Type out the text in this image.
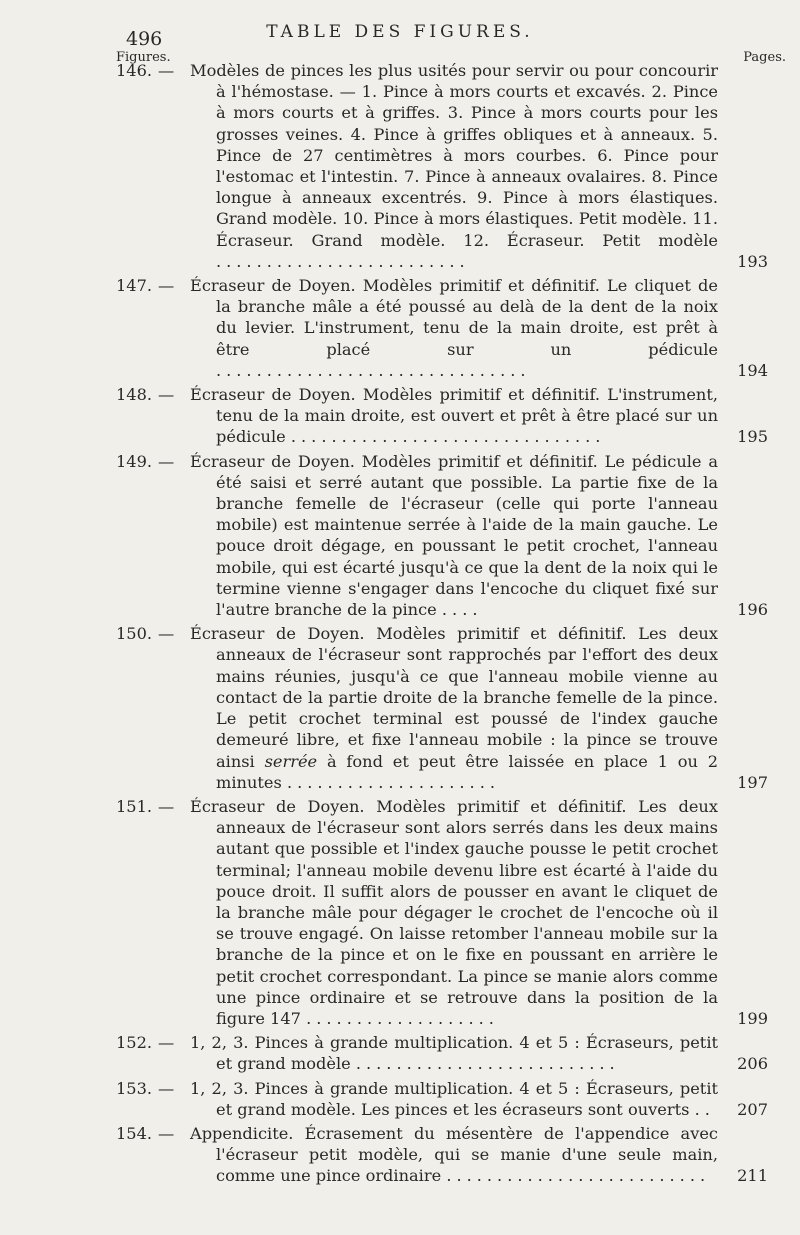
496	TABLE DES FIGURES.
Figures.	Pages.
146. — Modèles de pinces les plus usités pour servir ou pour concourir à l'hémostase. — 1. Pince à mors courts et excavés. 2. Pince à mors courts et à griffes. 3. Pince à mors courts pour les grosses veines. 4. Pince à griffes obliques et à anneaux. 5. Pince de 27 centimètres à mors courbes. 6. Pince pour l'estomac et l'intestin. 7. Pince à anneaux ovalaires. 8. Pince longue à anneaux excentrés. 9. Pince à mors élastiques. Grand modèle. 10. Pince à mors élastiques. Petit modèle. 11. Écraseur. Grand modèle. 12. Écraseur. Petit modèle .........................	193
147. — Écraseur de Doyen. Modèles primitif et définitif. Le cliquet de la branche mâle a été poussé au delà de la dent de la noix du levier. L'instrument, tenu de la main droite, est prêt à être placé sur un pédicule ...............................	194
148. — Écraseur de Doyen. Modèles primitif et définitif. L'instrument, tenu de la main droite, est ouvert et prêt à être placé sur un pédicule ...............................	195
149. — Écraseur de Doyen. Modèles primitif et définitif. Le pédicule a été saisi et serré autant que possible. La partie fixe de la branche femelle de l'écraseur (celle qui porte l'anneau mobile) est maintenue serrée à l'aide de la main gauche. Le pouce droit dégage, en poussant le petit crochet, l'anneau mobile, qui est écarté jusqu'à ce que la dent de la noix qui le termine vienne s'engager dans l'encoche du cliquet fixé sur l'autre branche de la pince ....	196
150. — Écraseur de Doyen. Modèles primitif et définitif. Les deux anneaux de l'écraseur sont rapprochés par l'effort des deux mains réunies, jusqu'à ce que l'anneau mobile vienne au contact de la partie droite de la branche femelle de la pince. Le petit crochet terminal est poussé de l'index gauche demeuré libre, et fixe l'anneau mobile : la pince se trouve ainsi serrée à fond et peut être laissée en place 1 ou 2 minutes .....................	197
151. — Écraseur de Doyen. Modèles primitif et définitif. Les deux anneaux de l'écraseur sont alors serrés dans les deux mains autant que possible et l'index gauche pousse le petit crochet terminal; l'anneau mobile devenu libre est écarté à l'aide du pouce droit. Il suffit alors de pousser en avant le cliquet de la branche mâle pour dégager le crochet de l'encoche où il se trouve engagé. On laisse retomber l'anneau mobile sur la branche de la pince et on le fixe en poussant en arrière le petit crochet correspondant. La pince se manie alors comme une pince ordinaire et se retrouve dans la position de la figure 147 ...................	199
152. — 1, 2, 3. Pinces à grande multiplication. 4 et 5 : Écraseurs, petit et grand modèle ..........................	206
153. — 1, 2, 3. Pinces à grande multiplication. 4 et 5 : Écraseurs, petit et grand modèle. Les pinces et les écraseurs sont ouverts .. 207
154. — Appendicite. Écrasement du mésentère de l'appendice avec l'écraseur petit modèle, qui se manie d'une seule main, comme une pince ordinaire .......................... 211
